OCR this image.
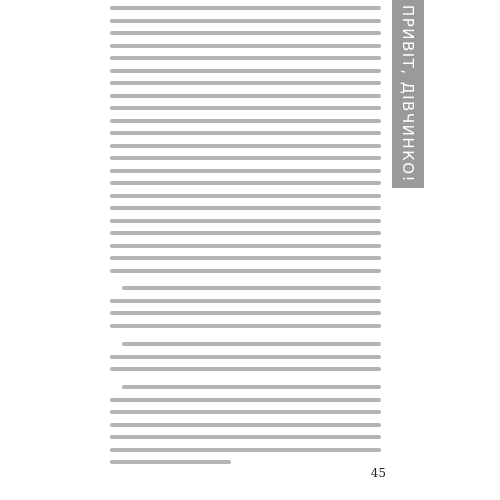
ПРИВІТ, ДІВЧИНКО!
45
